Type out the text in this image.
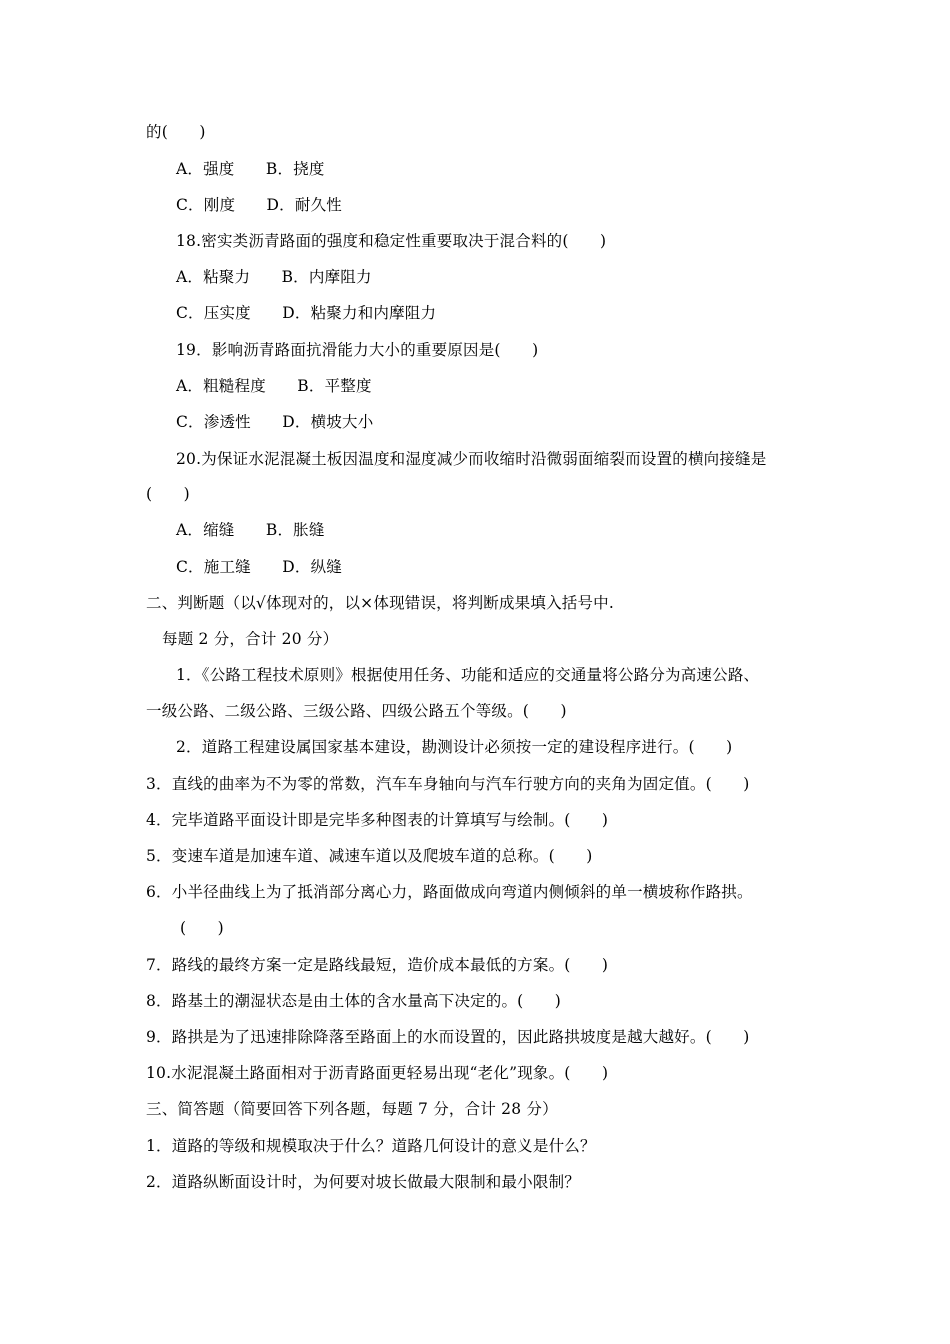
的(　　)
A．强度　　B．挠度
C．刚度　　D．耐久性
18.密实类沥青路面的强度和稳定性重要取决于混合料的(　　)
A．粘聚力　　B．内摩阻力
C．压实度　　D．粘聚力和内摩阻力
19．影响沥青路面抗滑能力大小的重要原因是(　　)
A．粗糙程度　　B．平整度
C．渗透性　　D．横坡大小
20.为保证水泥混凝土板因温度和湿度减少而收缩时沿微弱面缩裂而设置的横向接缝是
(　　)
A．缩缝　　B．胀缝
C．施工缝　　D．纵缝
二、判断题（以√体现对的，以×体现错误，将判断成果填入括号中.
每题 2 分，合计 20 分）
1．《公路工程技术原则》根据使用任务、功能和适应的交通量将公路分为高速公路、
一级公路、二级公路、三级公路、四级公路五个等级。(　　)
2．道路工程建设属国家基本建设，勘测设计必须按一定的建设程序进行。(　　)
3．直线的曲率为不为零的常数，汽车车身轴向与汽车行驶方向的夹角为固定值。(　　)
4．完毕道路平面设计即是完毕多种图表的计算填写与绘制。(　　)
5．变速车道是加速车道、减速车道以及爬坡车道的总称。(　　)
6．小半径曲线上为了抵消部分离心力，路面做成向弯道内侧倾斜的单一横坡称作路拱。
(　　)
7．路线的最终方案一定是路线最短，造价成本最低的方案。(　　)
8．路基土的潮湿状态是由土体的含水量高下决定的。(　　)
9．路拱是为了迅速排除降落至路面上的水而设置的，因此路拱坡度是越大越好。(　　)
10.水泥混凝土路面相对于沥青路面更轻易出现“老化”现象。(　　)
三、简答题（简要回答下列各题，每题 7 分，合计 28 分）
1．道路的等级和规模取决于什么？道路几何设计的意义是什么？
2．道路纵断面设计时，为何要对坡长做最大限制和最小限制？
